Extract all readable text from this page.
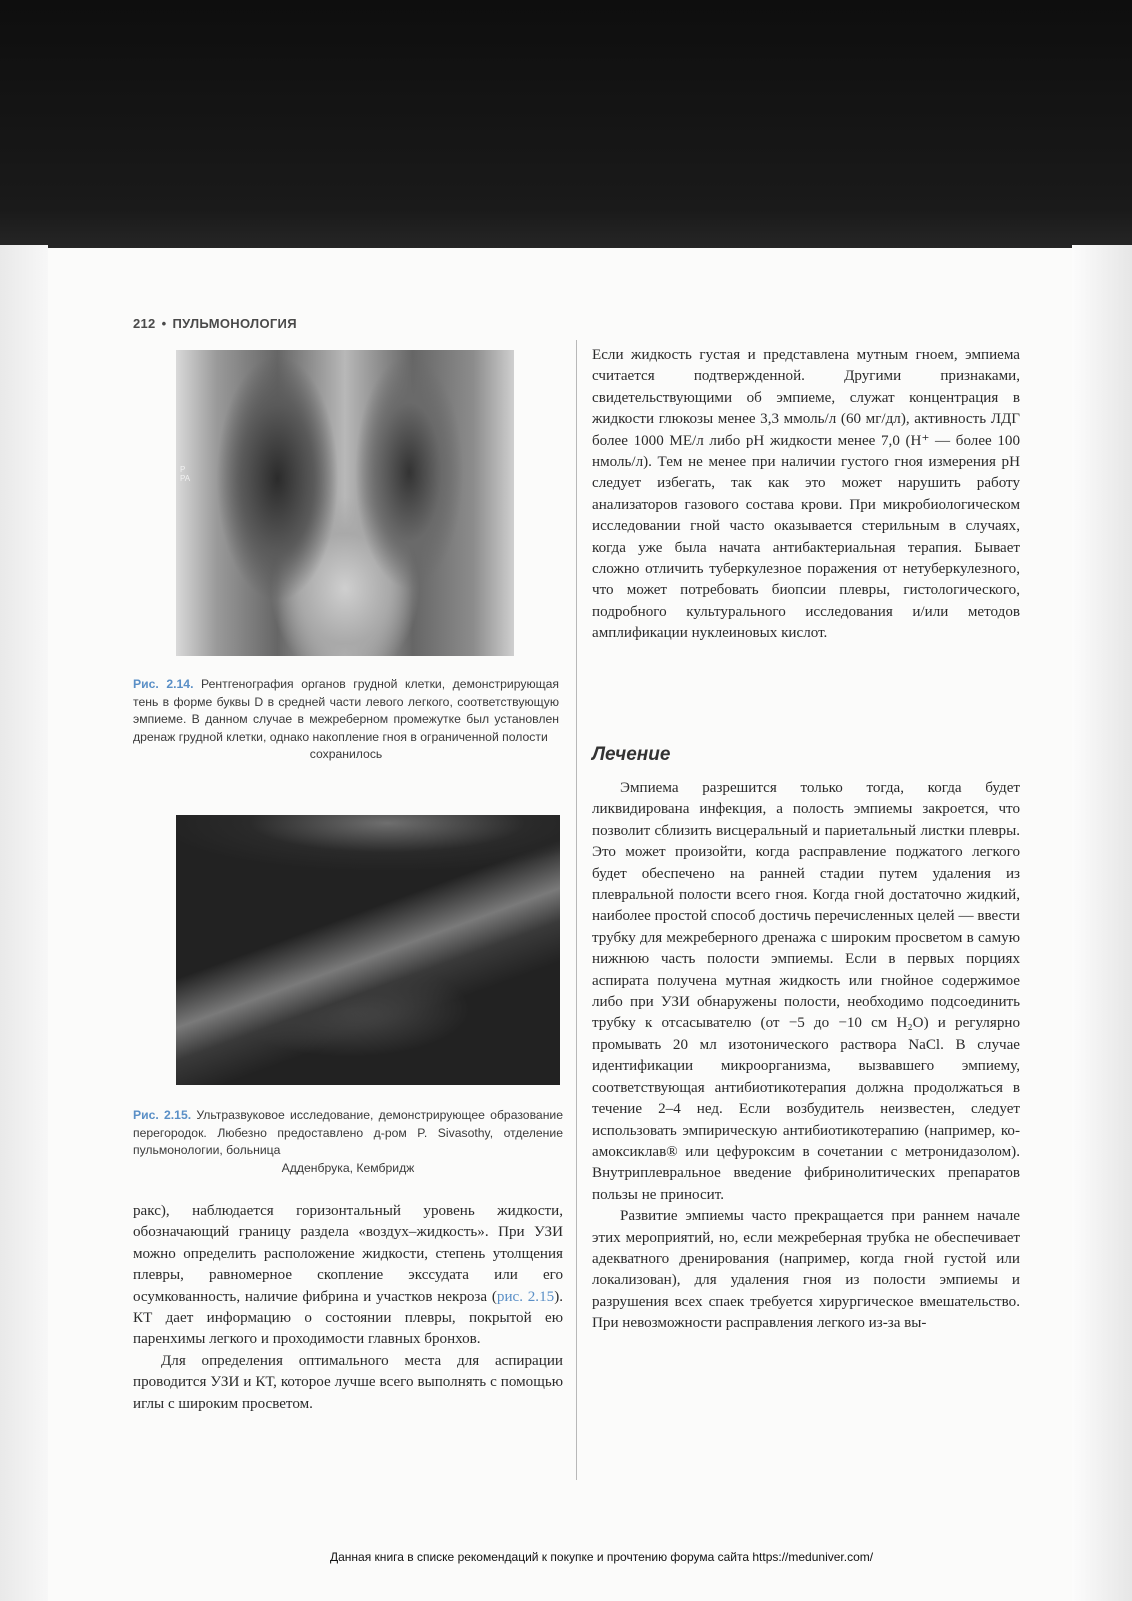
212 • ПУЛЬМОНОЛОГИЯ
P
PA
Рис. 2.14. Рентгенография органов грудной клетки, демонстрирующая тень в форме буквы D в средней части левого легкого, соответствующую эмпиеме. В данном случае в межреберном промежутке был установлен дренаж грудной клетки, однако накопление гноя в ограниченной полости
сохранилось
Рис. 2.15. Ультразвуковое исследование, демонстрирующее образование перегородок. Любезно предоставлено д-ром P. Sivasothy, отделение пульмонологии, больница
Адденбрука, Кембридж

ракс), наблюдается горизонтальный уровень жидкости, обозначающий границу раздела «воздух–жидкость». При УЗИ можно определить расположение жидкости, степень утолщения плевры, равномерное скопление экссудата или его осумкованность, наличие фибрина и участков некроза (рис. 2.15). КТ дает информацию о состоянии плевры, покрытой ею паренхимы легкого и проходимости главных бронхов.

Для определения оптимального места для аспирации проводится УЗИ и КТ, которое лучше всего выполнять с помощью иглы с широким просветом.

Если жидкость густая и представлена мутным гноем, эмпиема считается подтвержденной. Другими признаками, свидетельствующими об эмпиеме, служат концентрация в жидкости глюкозы менее 3,3 ммоль/л (60 мг/дл), активность ЛДГ более 1000 МЕ/л либо рН жидкости менее 7,0 (H⁺ — более 100 нмоль/л). Тем не менее при наличии густого гноя измерения рН следует избегать, так как это может нарушить работу анализаторов газового состава крови. При микробиологическом исследовании гной часто оказывается стерильным в случаях, когда уже была начата антибактериальная терапия. Бывает сложно отличить туберкулезное поражения от нетуберкулезного, что может потребовать биопсии плевры, гистологического, подробного культурального исследования и/или методов амплификации нуклеиновых кислот.

Лечение

Эмпиема разрешится только тогда, когда будет ликвидирована инфекция, а полость эмпиемы закроется, что позволит сблизить висцеральный и париетальный листки плевры. Это может произойти, когда расправление поджатого легкого будет обеспечено на ранней стадии путем удаления из плевральной полости всего гноя. Когда гной достаточно жидкий, наиболее простой способ достичь перечисленных целей — ввести трубку для межреберного дренажа с широким просветом в самую нижнюю часть полости эмпиемы. Если в первых порциях аспирата получена мутная жидкость или гнойное содержимое либо при УЗИ обнаружены полости, необходимо подсоединить трубку к отсасывателю (от −5 до −10 см H₂O) и регулярно промывать 20 мл изотонического раствора NaCl. В случае идентификации микроорганизма, вызвавшего эмпиему, соответствующая антибиотикотерапия должна продолжаться в течение 2–4 нед. Если возбудитель неизвестен, следует использовать эмпирическую антибиотикотерапию (например, ко-амоксиклав® или цефуроксим в сочетании с метронидазолом). Внутриплевральное введение фибринолитических препаратов пользы не приносит.

Развитие эмпиемы часто прекращается при раннем начале этих мероприятий, но, если межреберная трубка не обеспечивает адекватного дренирования (например, когда гной густой или локализован), для удаления гноя из полости эмпиемы и разрушения всех спаек требуется хирургическое вмешательство. При невозможности расправления легкого из-за вы-

Данная книга в списке рекомендаций к покупке и прочтению форума сайта https://meduniver.com/
